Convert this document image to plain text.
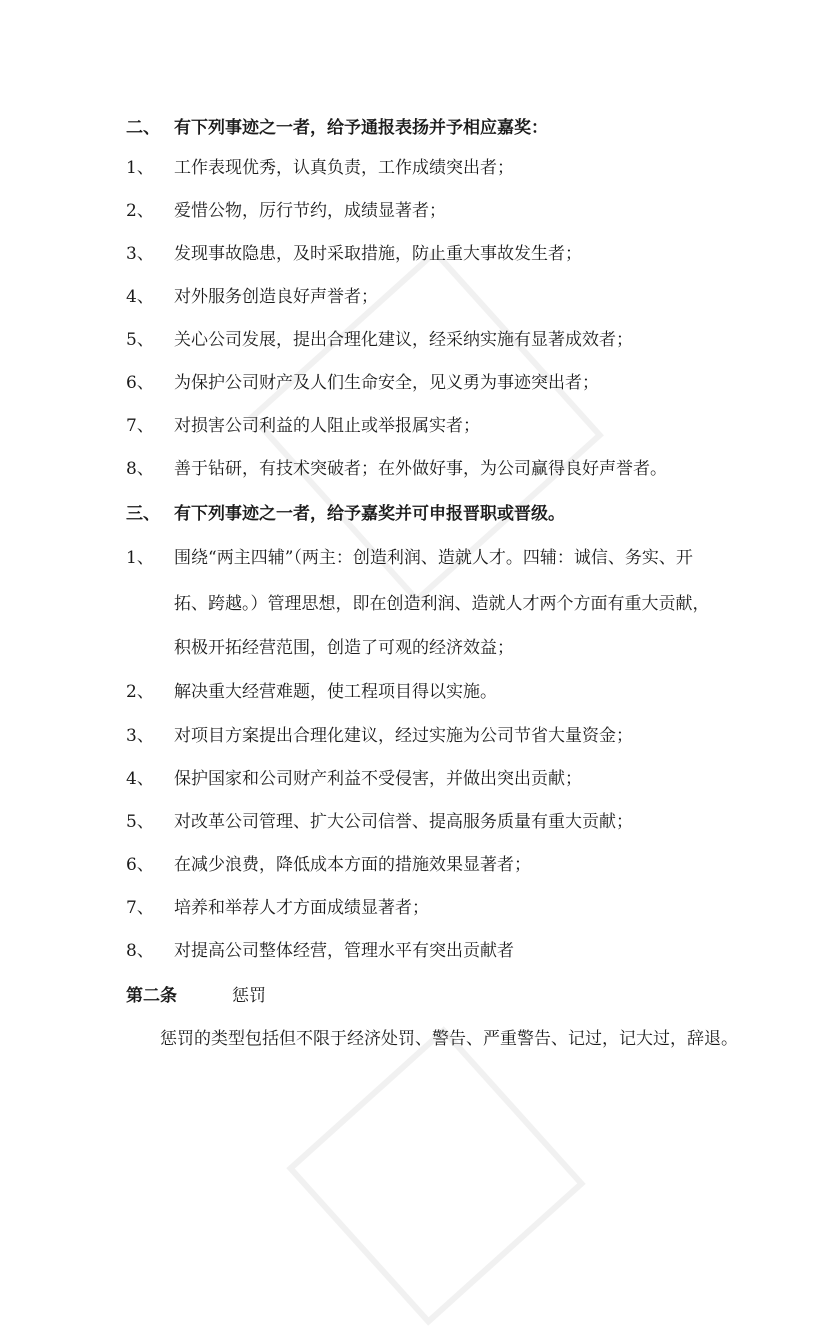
二、 有下列事迹之一者，给予通报表扬并予相应嘉奖：
1、 工作表现优秀，认真负责，工作成绩突出者；
2、 爱惜公物，厉行节约，成绩显著者；
3、 发现事故隐患，及时采取措施，防止重大事故发生者；
4、 对外服务创造良好声誉者；
5、 关心公司发展，提出合理化建议，经采纳实施有显著成效者；
6、 为保护公司财产及人们生命安全，见义勇为事迹突出者；
7、 对损害公司利益的人阻止或举报属实者；
8、 善于钻研，有技术突破者；在外做好事，为公司赢得良好声誉者。
三、 有下列事迹之一者，给予嘉奖并可申报晋职或晋级。
1、 围绕“两主四辅”（两主：创造利润、造就人才。四辅：诚信、务实、开
拓、跨越。）管理思想，即在创造利润、造就人才两个方面有重大贡献，
积极开拓经营范围，创造了可观的经济效益；
2、 解决重大经营难题，使工程项目得以实施。
3、 对项目方案提出合理化建议，经过实施为公司节省大量资金；
4、 保护国家和公司财产利益不受侵害，并做出突出贡献；
5、 对改革公司管理、扩大公司信誉、提高服务质量有重大贡献；
6、 在减少浪费，降低成本方面的措施效果显著者；
7、 培养和举荐人才方面成绩显著者；
8、 对提高公司整体经营，管理水平有突出贡献者
第二条	惩罚
惩罚的类型包括但不限于经济处罚、警告、严重警告、记过，记大过，辞退。
